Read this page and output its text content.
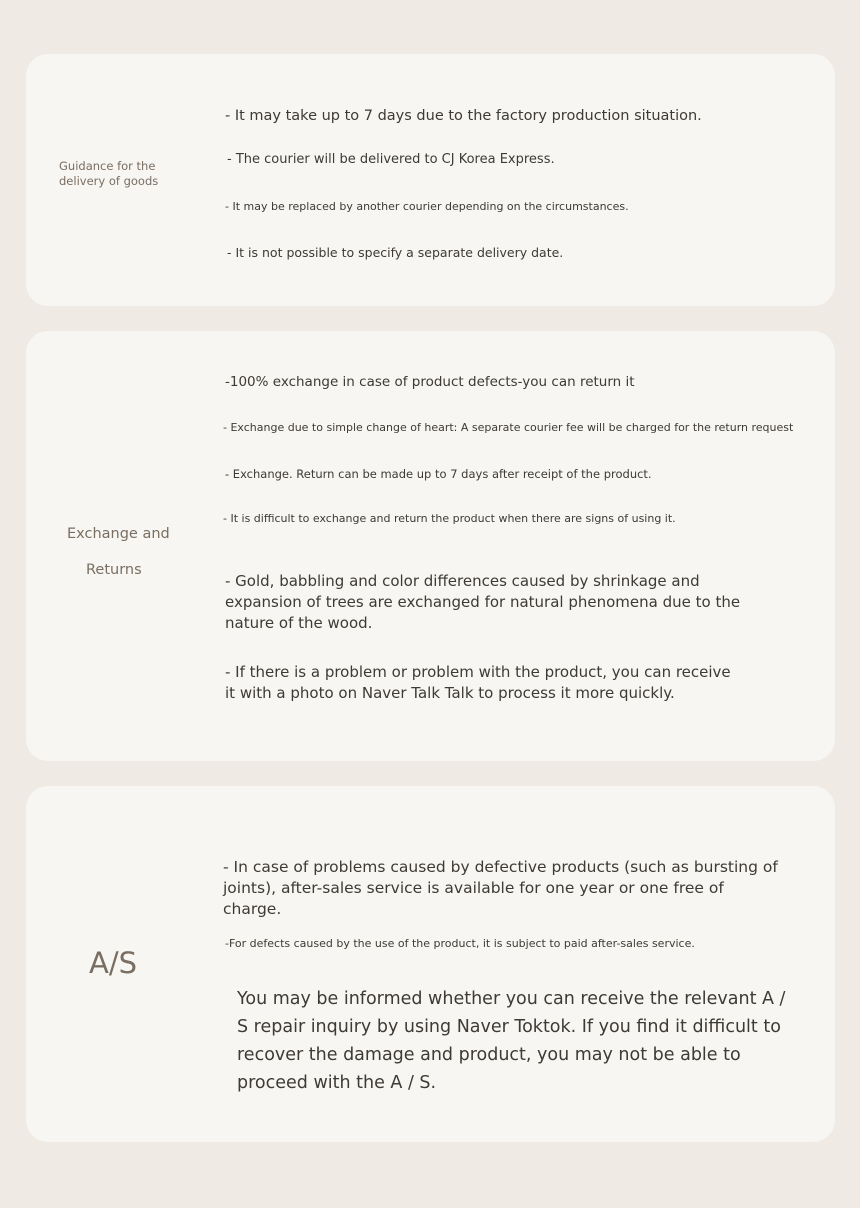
Guidance for the
delivery of goods
- It may take up to 7 days due to the factory production situation.
- The courier will be delivered to CJ Korea Express.
- It may be replaced by another courier depending on the circumstances.
- It is not possible to specify a separate delivery date.
Exchange and
Returns
-100% exchange in case of product defects-you can return it
- Exchange due to simple change of heart: A separate courier fee will be charged for the return request
- Exchange. Return can be made up to 7 days after receipt of the product.
- It is difficult to exchange and return the product when there are signs of using it.
- Gold, babbling and color differences caused by shrinkage and expansion of trees are exchanged for natural phenomena due to the nature of the wood.
- If there is a problem or problem with the product, you can receive it with a photo on Naver Talk Talk to process it more quickly.
A/S
- In case of problems caused by defective products (such as bursting of joints), after-sales service is available for one year or one free of charge.
-For defects caused by the use of the product, it is subject to paid after-sales service.
You may be informed whether you can receive the relevant A / S repair inquiry by using Naver Toktok. If you find it difficult to recover the damage and product, you may not be able to proceed with the A / S.
